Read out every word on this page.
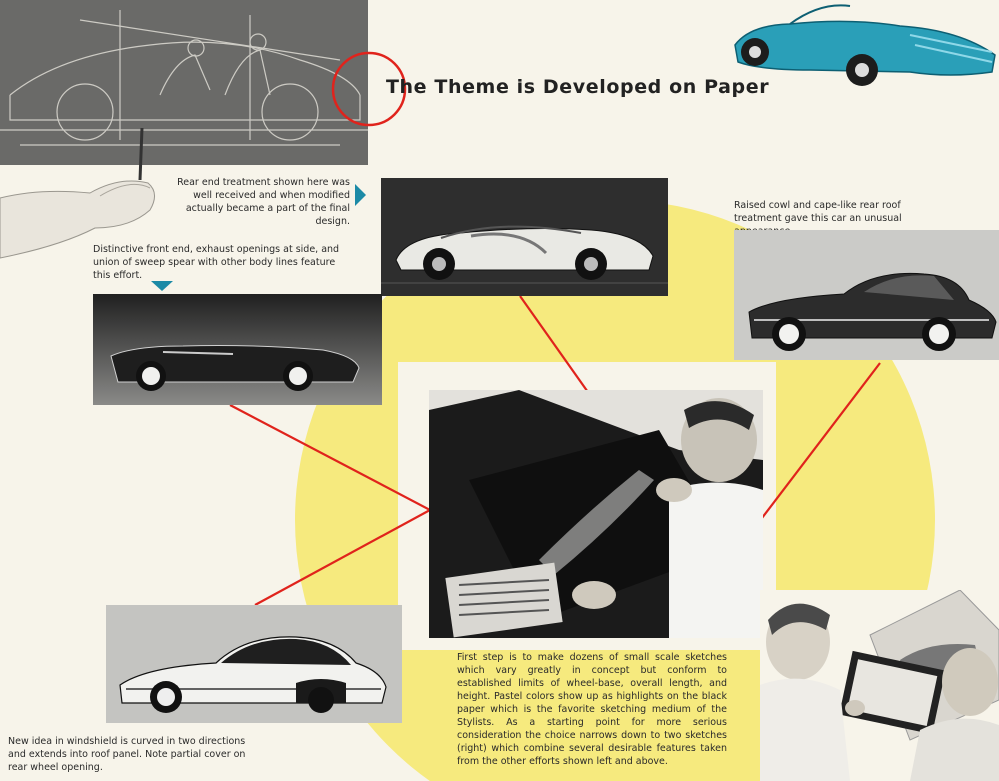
The Theme is Developed on Paper
Rear end treatment shown here was well received and when modified actually became a part of the final design.
Raised cowl and cape-like rear roof treatment gave this car an unusual
Distinctive front end, exhaust openings at side, and union of sweep spear with other body lines feature this effort.
First step is to make dozens of small scale sketches which vary greatly in concept but conform to established limits of wheel-base, overall length, and height. Pastel colors show up as highlights on the black paper which is the favorite sketching medium of the Stylists. As a starting point for more serious consideration the choice narrows down to two sketches (right) which combine several desirable features taken from the other efforts shown left and above.
New idea in windshield is curved in two directions and extends into roof panel. Note partial cover on rear wheel opening.
